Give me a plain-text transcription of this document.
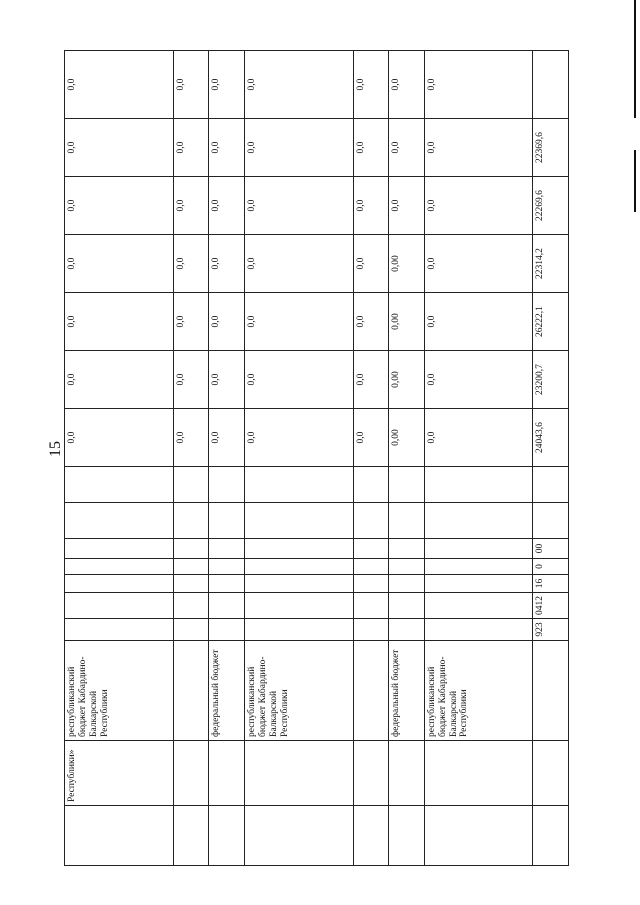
15
	Республики»	республиканский бюджет Кабардино-Балкарской Республики								0,0	0,0	0,0	0,0	0,0	0,0	0,0
										0,0	0,0	0,0	0,0	0,0	0,0	0,0
		федеральный бюджет								0,0	0,0	0,0	0,0	0,0	0,0	0,0
		республиканский бюджет Кабардино-Балкарской Республики								0,0	0,0	0,0	0,0	0,0	0,0	0,0
										0,0	0,0	0,0	0,0	0,0	0,0	0,0
		федеральный бюджет								0,00	0,00	0,00	0,00	0,0	0,0	0,0
		республиканский бюджет Кабардино-Балкарской Республики								0,0	0,0	0,0	0,0	0,0	0,0	0,0
			923	0412	16	0	00			24043,6	23200,7	26222,1	22314,2	22269,6	22369,6	
